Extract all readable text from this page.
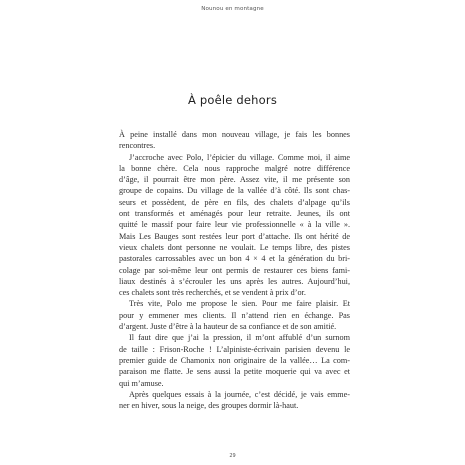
Nounou en montagne
À poêle dehors
À peine installé dans mon nouveau village, je fais les bonnes
rencontres.
J’accroche avec Polo, l’épicier du village. Comme moi, il aime
la bonne chère. Cela nous rapproche malgré notre différence
d’âge, il pourrait être mon père. Assez vite, il me présente son
groupe de copains. Du village de la vallée d’à côté. Ils sont chas-
seurs et possèdent, de père en fils, des chalets d’alpage qu’ils
ont transformés et aménagés pour leur retraite. Jeunes, ils ont
quitté le massif pour faire leur vie professionnelle « à la ville ».
Mais Les Bauges sont restées leur port d’attache. Ils ont hérité de
vieux chalets dont personne ne voulait. Le temps libre, des pistes
pastorales carrossables avec un bon 4 × 4 et la génération du bri-
colage par soi-même leur ont permis de restaurer ces biens fami-
liaux destinés à s’écrouler les uns après les autres. Aujourd’hui,
ces chalets sont très recherchés, et se vendent à prix d’or.
Très vite, Polo me propose le sien. Pour me faire plaisir. Et
pour y emmener mes clients. Il n’attend rien en échange. Pas
d’argent. Juste d’être à la hauteur de sa confiance et de son amitié.
Il faut dire que j’ai la pression, il m’ont affublé d’un surnom
de taille : Frison-Roche ! L’alpiniste-écrivain parisien devenu le
premier guide de Chamonix non originaire de la vallée… La com-
paraison me flatte. Je sens aussi la petite moquerie qui va avec et
qui m’amuse.
Après quelques essais à la journée, c’est décidé, je vais emme-
ner en hiver, sous la neige, des groupes dormir là-haut.
29
